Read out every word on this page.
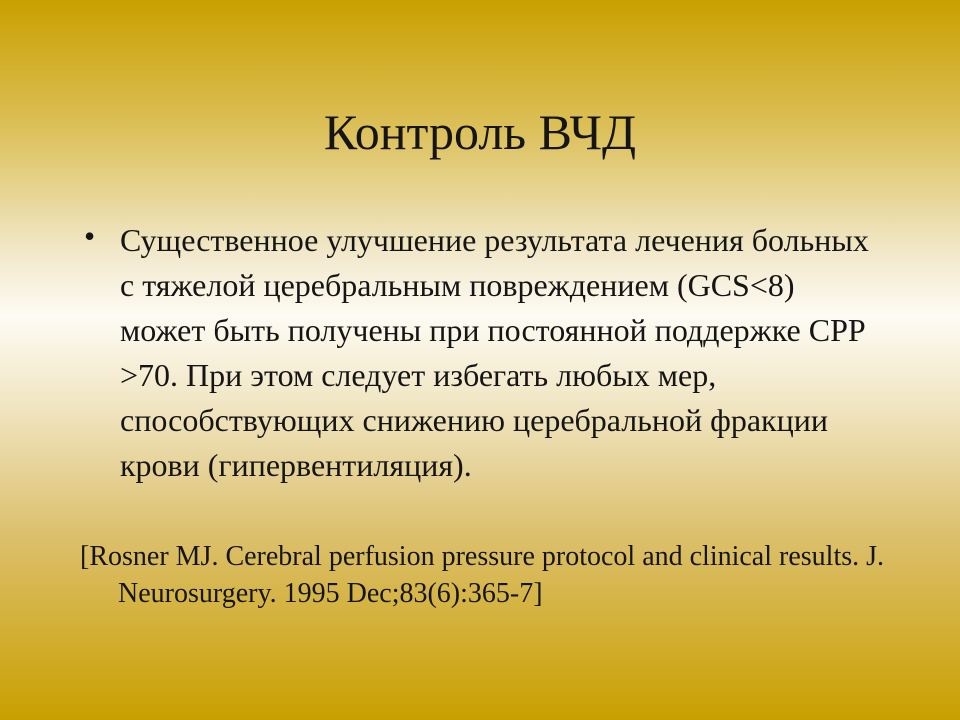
Контроль ВЧД
• Существенное улучшение результата лечения больных с тяжелой церебральным повреждением (GCS<8) может быть получены при постоянной поддержке СРР >70. При этом следует избегать любых мер, способствующих снижению церебральной фракции крови (гипервентиляция).

[Rosner MJ. Cerebral perfusion pressure protocol and clinical results. J. Neurosurgery. 1995 Dec;83(6):365-7]
